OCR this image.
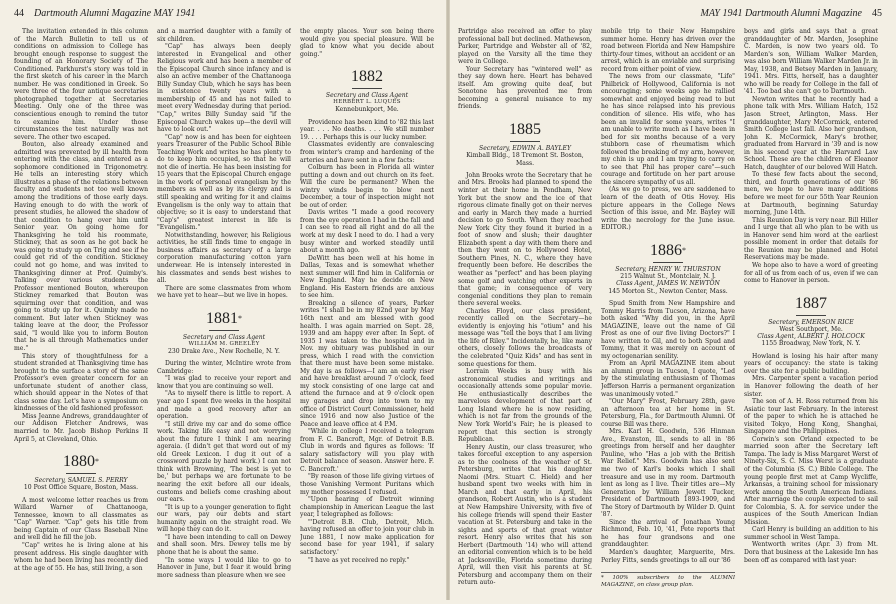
44 Dartmouth Alumni Magazine MAY 1941

The invitation extended in this column of the March Bulletin to tell us of conditions on admission to College has brought enough response to suggest the founding of an Honorary Society of The Conditioned. Parkhurst's story was told in the first sketch of his career in the March number. He was conditioned in Greek. So were three of the four antique secretaries photographed together at Secretaries Meeting. Only one of the three was conscientious enough to remind the tutor to examine him. Under those circumstances the test naturally was not severe. The other two escaped.

Bouton, also already examined and admitted was prevented by ill health from entering with the class, and entered as a sophomore conditioned in Trigonometry. He tells an interesting story which illustrates a phase of the relations between faculty and students not too well known among the traditions of those early days. Having enough to do with the work of present studies, he allowed the shadow of that condition to hang over him until Senior year. On going home for Thanksgiving he told his roommate, Stickney, that as soon as he got back he was going to study up on Trig and see if he could get rid of the condition. Stickney could not go home, and was invited to Thanksgiving dinner at Prof. Quimby's. Talking over various students the Professor mentioned Bouton, whereupon Stickney remarked that Bouton was squirming over that condition, and was going to study up for it. Quimby made no comment. But later when Stickney was taking leave at the door, the Professor said, "I would like you to inform Bouton that he is all through Mathematics under me."

This story of thoughtfulness for a student stranded at Thanksgiving time has brought to the surface a story of the same Professor's even greater concern for an unfortunate student of another class, which should appear in the Notes of that class some day. Let's have a symposium on kindnesses of the old fashioned professor.

Miss Jeanne Andrews, granddaughter of our Addison Fletcher Andrews, was married to Mr. Jacob Bishop Perkins II April 5, at Cleveland, Ohio.

1880*
Secretary, SAMUEL S. PERRY
10 Post Office Square, Boston, Mass.

A most welcome letter reaches us from Willard Warner of Chattanooga, Tennessee, known to all classmates as "Cap" Warner. "Cap" gets his title from being Captain of our Class Baseball Nine and well did he fill the job.

"Cap" writes he is living alone at his present address. His single daughter with whom he had been living has recently died at the age of 55. He has, still living, a son

and a married daughter with a family of six children.

"Cap" has always been deeply interested in Evangelical and other Religious work and has been a member of the Episcopal Church since infancy and is also an active member of the Chattanooga Billy Sunday Club, which he says has been in existence twenty years with a membership of 45 and has not failed to meet every Wednesday during that period. "Cap," writes Billy Sunday said "if the Episcopal Church wakes up—the devil will have to look out."

"Cap" now is and has been for eighteen years Treasurer of the Public School Bible Teaching Work and writes he has plenty to do to keep him occupied, so that he will not die of inertia. He has been insisting for 15 years that the Episcopal Church engage in the work of personal evangelism by the members as well as by its clergy and is still speaking and writing for it and claims Evangelism is the only way to attain that objective; so it is easy to understand that "Cap's" greatest interest in life is "Evangelism."

Notwithstanding, however, his Religious activities, he still finds time to engage in business affairs as secretary of a large corporation manufacturing cotton yarn underwear. He is intensely interested in his classmates and sends best wishes to all.

There are some classmates from whom we have yet to hear—but we live in hopes.

1881*
Secretary and Class Agent
WILLIAM M. GREELEY
230 Drake Ave., New Rochelle, N. Y.

During the winter, McIntire wrote from Cambridge:

"I was glad to receive your report and know that you are continuing so well.

"As to myself there is little to report. A year ago I spent five weeks in the hospital and made a good recovery after an operation.

"I still drive my car and do some office work. Taking life easy and not worrying about the future I think I am nearing ageraia. (I didn't get that word out of my old Greek Lexicon. I dug it out of a crossword puzzle by hard work.) I can not think with Browning, 'The best is yet to be,' but perhaps we are fortunate to be nearing the exit before all our ideals, customs and beliefs come crashing about our ears.

"It is up to a younger generation to fight our wars, pay our debts and start humanity again on the straight road. We will hope they can do it.

"I have been intending to call on Dewey and shall soon. Mrs. Dewey tells me by phone that he is about the same.

"In some ways I would like to go to Hanover in June, but I fear it would bring more sadness than pleasure when we see

the empty places. Your son being there would give you special pleasure. Will be glad to know what you decide about going."

1882
Secretary and Class Agent
HERBERT L. LUQUES
Kennebunkport, Me.

Providence has been kind to '82 this last year. . . . No deaths. . . . We still number 19. . . . Perhaps this is our lucky number.

Classmates evidently are convalescing from winter's cramp and hardening of the arteries and have sent in a few facts:

Colburn has been in Florida all winter putting a down and out church on its feet. Will the cure be permanent? When the wintry winds begin to blow next December, a tour of inspection might not be out of order.

Davis writes "I made a good recovery from the eye operation I had in the fall and I can see to read all right and do all the work at my desk I need to do. I had a very busy winter and worked steadily until about a month ago.

DeWitt has been well at his home in Dallas, Texas and is somewhat whether next summer will find him in California or New England. May he decide on New England. His Eastern friends are anxious to see him.

Breaking a silence of years, Parker writes "I shall be in my 82nd year by May 16th next and am blessed with good health. I was again married on Sept. 28, 1939 and am happy ever after. In Sept. of 1935 I was taken to the hospital and in Nov. my obituary was published in our press, which I read with the conviction that there must have been some mistake. My day is as follows—I am an early riser and have breakfast around 7 o'clock, feed my stock consisting of one large cat and attend the furnace and at 9 o'clock open my garages and drop into town to my office of District Court Commissioner, held since 1916 and now also Justice of the Peace and leave office at 4 P.M.

"While in college I received a telegram from F. C. Bancroft, Mgr. of Detroit B.B. Club in words and figures as follows: 'If salary satisfactory will you play with Detroit balance of season. Answer here. F. C. Bancroft.'

"By reason of those life giving virtues of those Vanishing Vermont Puritans which my mother possessed I refused.

"Upon hearing of Detroit winning championship in American League the last year, I telegraphed as follows:

"'Detroit B.B. Club, Detroit, Mich. having refused an offer to join your club in June 1881, I now make application for second base for year 1941, if salary satisfactory.'

"I have as yet received no reply."

MAY 1941 Dartmouth Alumni Magazine 45

Partridge also received an offer to play professional ball but declined. Mathewson, Parker, Partridge and Webster all of '82, played on the Varsity all the time they were in College.

Your Secretary has "wintered well" as they say down here. Heart has behaved itself. Am growing quite deaf, but Sonotone has prevented me from becoming a general nuisance to my friends.

1885
Secretary, EDWIN A. BAYLEY
Kimball Bldg., 18 Tremont St. Boston, Mass.

John Brooks wrote the Secretary that he and Mrs. Brooks had planned to spend the winter at their home in Pendham, New York but the snow and the ice of that rigorous climate finally got on their nerves and early in March they made a hurried decision to go South. When they reached New York City they found it buried in a foot of snow and slush; their daughter Elizabeth spent a day with them there and then they went on to Hollywood Hotel, Southern Pines, N. C., where they have frequently been before. He describes the weather as "perfect" and has been playing some golf and watching other experts in that game; in consequence of very congenial conditions they plan to remain there several weeks.

Charles Floyd, our class president, recently called on the Secretary—he evidently is enjoying his "otium" and his message was "tell the boys that I am living the life of Riley." Incidentally, he, like many others, closely follows the broadcasts of the celebrated "Quiz Kids" and has sent in some questions for them.

Lorrain Weeks is busy with his astronomical studies and writings and occasionally attends some popular movie. He enthusiastically describes the marvelous development of that part of Long Island where he is now residing, which is not far from the grounds of the New York World's Fair; he is pleased to report that this section is strongly Republican.

Henry Austin, our class treasurer, who takes forceful exception to any aspersion as to the coolness of the weather of St. Petersburg, writes that his daughter Naomi (Mrs. Stuart C. Hield) and her husband spent two weeks with him in March and that early in April, his grandson, Robert Austin, who is a student at New Hampshire University, with five of his college friends will spend their Easter vacation at St. Petersburg and take in the sights and sports of that great winter resort. Henry also writes that his son Herbert (Dartmouth '14) who will attend an editorial convention which is to be held at Jacksonville, Florida sometime during April, will then visit his parents at St. Petersburg and accompany them on their return auto-

mobile trip to their New Hampshire summer home. Henry has driven over the road between Florida and New Hampshire thirty-four times, without an accident or an arrest, which is an enviable and surprising record from either point of view.

The news from our classmate, "Life" Philbrick of Hollywood, California is not encouraging; some weeks ago he rallied somewhat and enjoyed being read to but he has since relapsed into his previous condition of silence. His wife, who has been an invalid for some years, writes "I am unable to write much as I have been in bed for six months because of a very stubborn case of rheumatism which followed the breaking of my arm, however, my chin is up and I am trying to carry on to see that Phil has proper care"—such courage and fortitude on her part arouse the sincere sympathy of us all.

(As we go to press, we are saddened to learn of the death of Otis Hovey. His picture appears in the College News Section of this issue, and Mr. Bayley will write the necrology for the June issue. EDITOR.)

1886*
Secretary, HENRY W. THURSTON
215 Walnut St., Montclair, N. J.
Class Agent, JAMES W. NEWTON
145 Morton St., Newton Center, Mass.

Spud Smith from New Hampshire and Tommy Harris from Tucson, Arizona, have both asked "Why did you, in the April MAGAZINE, leave out the name of Gil Frost as one of our five living Doctors?" I have written to Gil, and to both Spud and Tommy, that it was merely on account of my octogenarian senility.

From an April MAGAZINE item about an alumni group in Tucson, I quote, "Led by the stimulating enthusiasm of Thomas Jefferson Harris a permanent organization was unanimously voted."

"Our Mary" Frost, February 28th, gave an afternoon tea at her home in St. Petersburg, Fla., for Dartmouth Alumni. Of course Bill was there.

Mrs. Karl H. Goodwin, 536 Hinman Ave., Evanston, Ill., sends to all in '86 greetings from herself and her daughter Pauline, who "Has a job with the British War Relief." Mrs. Goodwin has also sent me two of Karl's books which I shall treasure and use in my room. Dartmouth lent as long as I live. Their titles are—My Generation by William Jewett Tucker, President of Dartmouth 1893-1909, and The Story of Dartmouth by Wilder D. Quint '87.

Since the arrival of Jonathan Young Richmond, Feb. 10, '41, Pete reports that he has four grandsons and one granddaughter.

Marden's daughter, Marguerite, Mrs. Perley Fitts, sends greetings to all our '86

* 100% subscribers to the ALUMNI MAGAZINE, on class group plan.

boys and girls and says that a great granddaughter of Mr. Marden, Josephine C. Marden, is now two years old. To Marden's son, William Walker Marden, was also born William Walker Marden Jr. in May, 1938, and Betsey Marden in January, 1941. Mrs. Fitts, herself, has a daughter who will be ready for College in the fall of '41. Too bad she can't go to Dartmouth.

Newton writes that he recently had a phone talk with Mrs. William Hatch, 152 Jason Street, Arlington, Mass. Her granddaughter, Mary McCormick, entered Smith College last fall. Also her grandson, John K. McCormick, Mary's brother, graduated from Harvard in '39 and is now in his second year at the Harvard Law School. These are the children of Eleanor Hatch, daughter of our beloved Will Hatch.

To these few facts about the second, third, and fourth generations of our '86 men, we hope to have many additions before we meet for our 55th Year Reunion at Dartmouth, beginning Saturday morning, June 14th.

This Reunion Day is very near. Bill Hiller and I urge that all who plan to be with us in Hanover send him word at the earliest possible moment in order that details for the Reunion may be planned and Hotel Reservations may be made.

We hope also to have a word of greeting for all of us from each of us, even if we can come to Hanover in person.

1887
Secretary, EMERSON RICE
West Southport, Me.
Class Agent, ALBERT J. HOLCOCK
1155 Broadway, New York, N. Y.

Howland is losing his hair after many years of occupancy: the state is taking over the site for a public building.

Mrs. Carpenter spent a vacation period in Hanover following the death of her sister.

The son of A. H. Ross returned from his Asiatic tour last February. In the interest of the paper to which he is attached he visited Tokyo, Hong Kong, Shanghai, Singapore and the Philippines.

Corwin's son Orland expected to be married soon after the Secretary left Tampa. The lady is Miss Margaret Werst of Ninety-Six, S. C. Miss Werst is a graduate of the Columbia (S. C.) Bible College. The young people first met at Camp Wycliffe, Arkansas, a training school for missionary work among the South American Indians. After marriage the couple expected to sail for Colombia, S. A. for service under the auspices of the South American Indian Mission.

Carl Henry is building an addition to his summer school in West Tampa.

Wentworth writes (Apr. 3) from Mt. Dora that business at the Lakeside Inn has been off as compared with last year:
